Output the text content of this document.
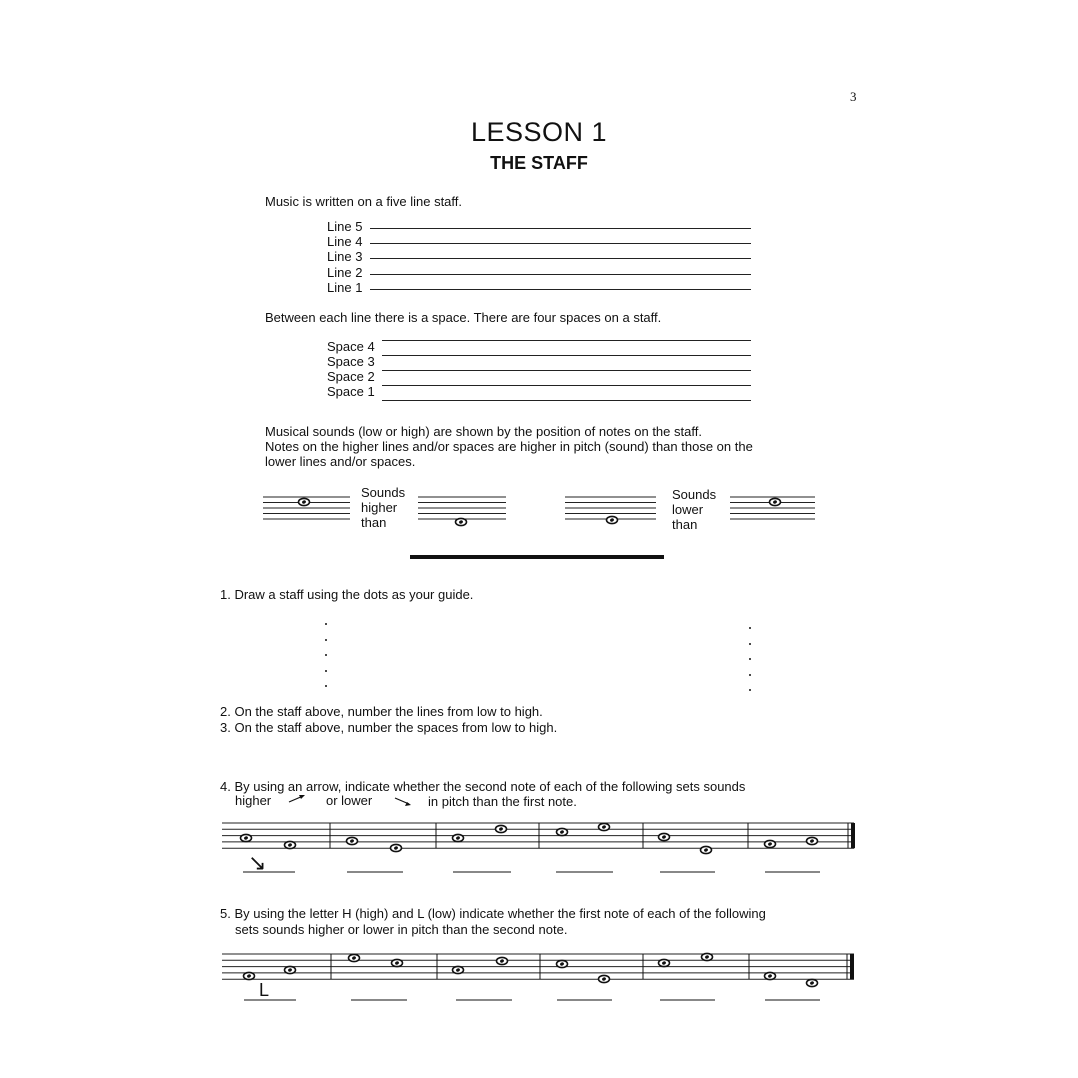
3
LESSON 1
THE STAFF
Music is written on a five line staff.
Line 5
Line 4
Line 3
Line 2
Line 1
Between each line there is a space. There are four spaces on a staff.
Space 4
Space 3
Space 2
Space 1
Musical sounds (low or high) are shown by the position of notes on the staff.
Notes on the higher lines and/or spaces are higher in pitch (sound) than those on the
lower lines and/or spaces.
Sounds
higher
than
Sounds
lower
than
1. Draw a staff using the dots as your guide.
2. On the staff above, number the lines from low to high.
3. On the staff above, number the spaces from low to high.
4. By using an arrow, indicate whether the second note of each of the following sets sounds
higher	or lower	in pitch than the first note.
↘
5. By using the letter H (high) and L (low) indicate whether the first note of each of the following
sets sounds higher or lower in pitch than the second note.
L
